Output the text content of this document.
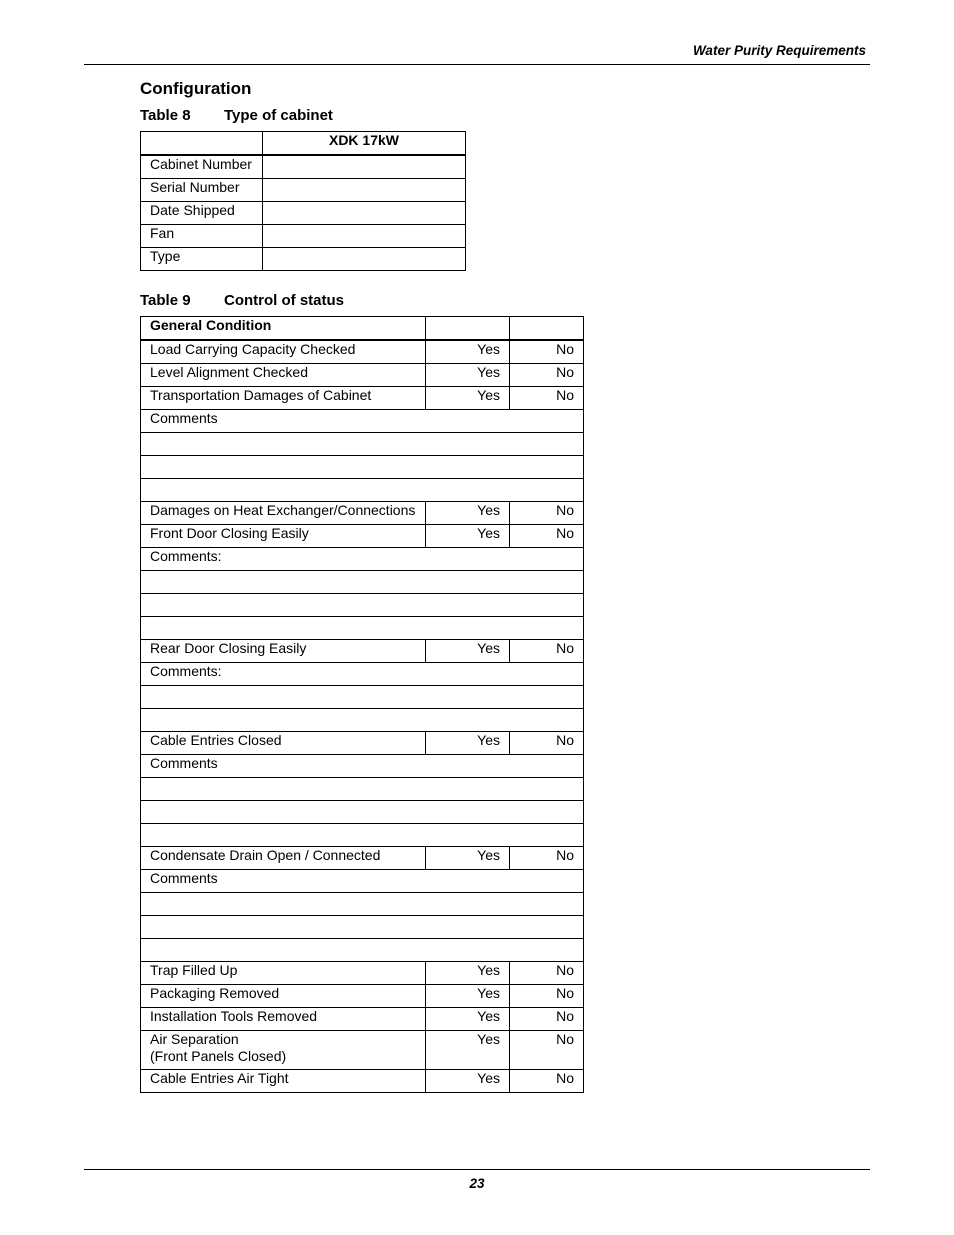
Water Purity Requirements
Configuration
Table 8 Type of cabinet
	XDK 17kW
Cabinet Number	
Serial Number	
Date Shipped	
Fan	
Type	
Table 9 Control of status
General Condition		
Load Carrying Capacity Checked	Yes	No
Level Alignment Checked	Yes	No
Transportation Damages of Cabinet	Yes	No
Comments		

Damages on Heat Exchanger/Connections	Yes	No
Front Door Closing Easily	Yes	No
Comments:		

Rear Door Closing Easily	Yes	No
Comments:		

Cable Entries Closed	Yes	No
Comments		

Condensate Drain Open / Connected	Yes	No
Comments		

Trap Filled Up	Yes	No
Packaging Removed	Yes	No
Installation Tools Removed	Yes	No
Air Separation
(Front Panels Closed)	Yes	No
Cable Entries Air Tight	Yes	No
23
